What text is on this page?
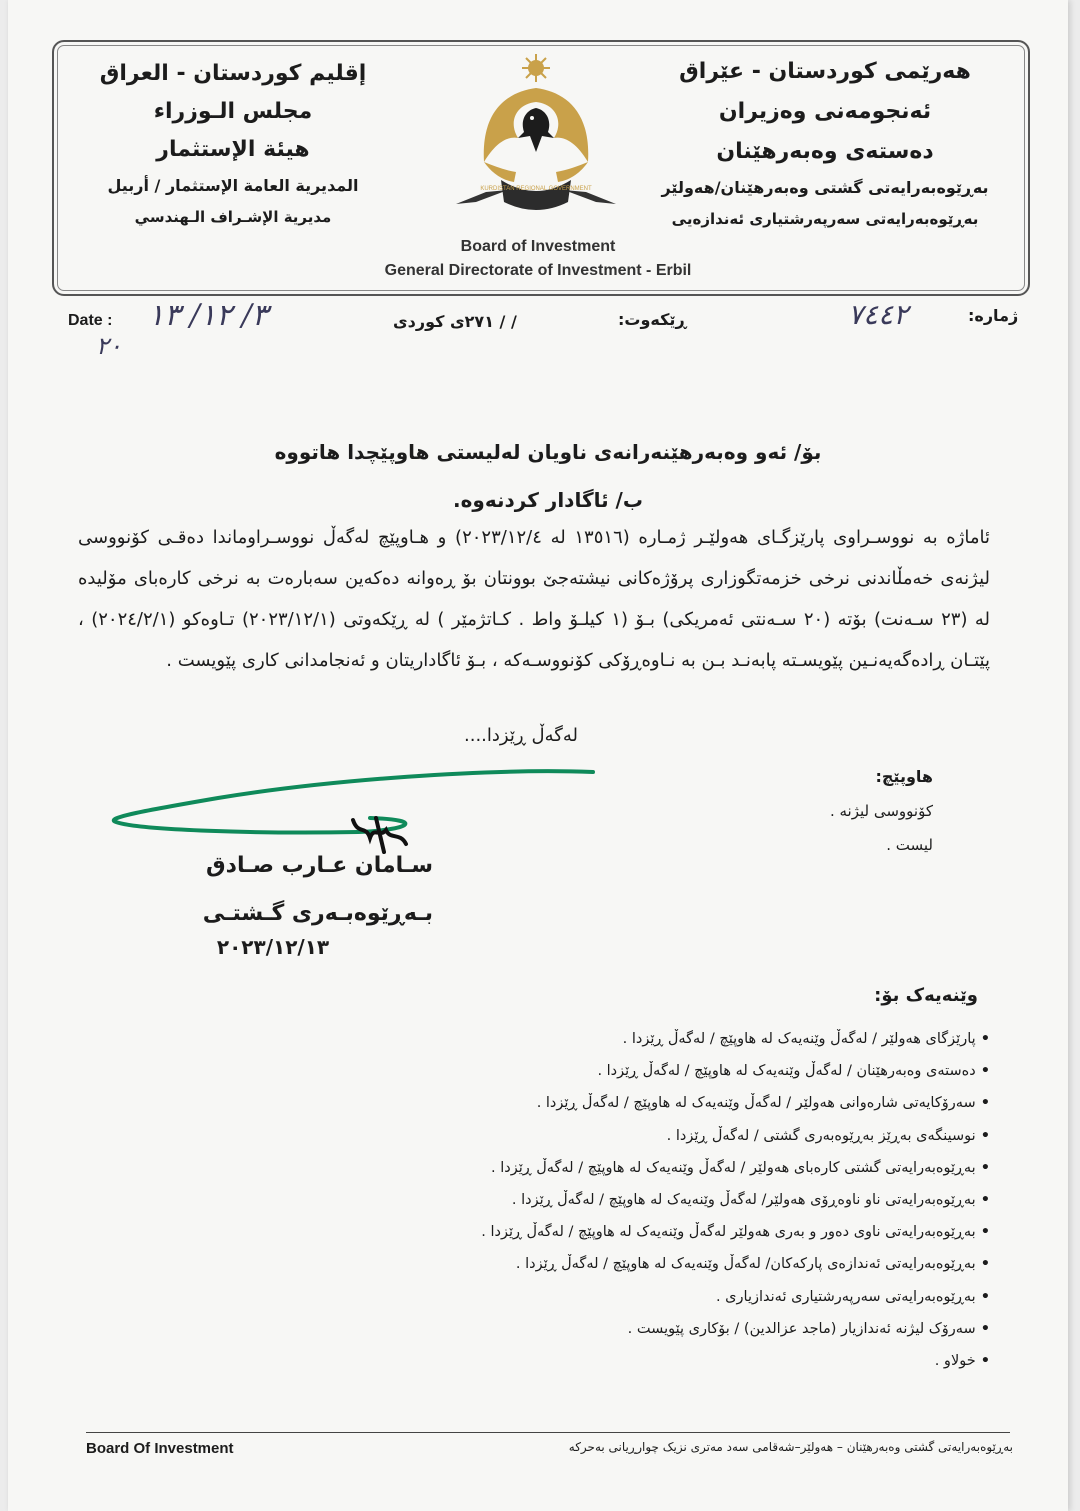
إقليم كوردستان - العراق
مجلس الـوزراء
هيئة الإستثمار
المديرية العامة الإستثمار / أربيل
مديرية الإشـراف الـهندسي
هەرێمی کوردستان - عێراق
ئەنجومەنی وەزیران
دەستەی وەبەرهێنان
بەڕێوەبەرایەتی گشتی وەبەرهێنان/هەولێر
بەڕێوەبەرایەتی سەرپەرشتیاری ئەندازەیی
KURDISTAN REGIONAL GOVERNMENT
Board of Investment
General Directorate of Investment - Erbil
ژمارە:
٧٤٤٢
ڕێکەوت:
/ / ٢٧١ی کوردی
Date : ٣/ ١٢/ ١٣
٢٠
بۆ/ ئەو وەبەرهێنەرانەی ناویان لەلیستی هاوپێچدا هاتووە
ب/ ئاگادار کردنەوە.
ئاماژە بە نووسـراوی پارێزگـای هەولێـر ژمـارە (١٣٥١٦ لە ٢٠٢٣/١٢/٤) و هـاوپێچ لەگەڵ نووسـراوماندا دەقـی کۆنووسی لیژنەی خەمڵاندنی نرخی خزمەتگوزاری پرۆژەکانی نیشتەجێ بوونتان بۆ ڕەوانە دەکەین سەبارەت بە نرخی کارەبای مۆلیدە لە (٢٣ سـەنت) بۆتە (٢٠ سـەنتی ئەمریکی) بـۆ (١ کیلـۆ واط . کـاتژمێر ) لە ڕێکەوتی (٢٠٢٣/١٢/١) تـاوەکو (٢٠٢٤/٢/١) ، پێتـان ڕادەگەیەنـین پێویسـتە پابەنـد بـن بە نـاوەڕۆکی کۆنووسـەکە ، بـۆ ئاگاداریتان و ئەنجامدانی کاری پێویست .
لەگەڵ ڕێزدا....
هاوپێچ:
کۆنووسی لیژنە .
لیست .
سـامان عـارب صـادق
بـەڕێوەبـەری گـشتـی
٢٠٢٣/١٢/١٣
وێنەیەک بۆ:
• پارێزگای هەولێر / لەگەڵ وێنەیەک لە هاوپێچ / لەگەڵ ڕێزدا .
• دەستەی وەبەرهێنان / لەگەڵ وێنەیەک لە هاوپێچ / لەگەڵ ڕێزدا .
• سەرۆکایەتی شارەوانی هەولێر / لەگەڵ وێنەیەک لە هاوپێچ / لەگەڵ ڕێزدا .
• نوسینگەی بەڕێز بەڕێوەبەری گشتی / لەگەڵ ڕێزدا .
• بەڕێوەبەرایەتی گشتی کارەبای هەولێر / لەگەڵ وێنەیەک لە هاوپێچ / لەگەڵ ڕێزدا .
• بەڕێوەبەرایەتی ناو ناوەڕۆی هەولێر/ لەگەڵ وێنەیەک لە هاوپێچ / لەگەڵ ڕێزدا .
• بەڕێوەبەرایەتی ناوی دەور و بەری هەولێر لەگەڵ وێنەیەک لە هاوپێچ / لەگەڵ ڕێزدا .
• بەڕێوەبەرایەتی ئەندازەی پارکەکان/ لەگەڵ وێنەیەک لە هاوپێچ / لەگەڵ ڕێزدا .
• بەڕێوەبەرایەتی سەرپەرشتیاری ئەندازیاری .
• سەرۆک لیژنە ئەندازیار (ماجد عزالدین) / بۆکاری پێویست .
• خولاو .
Board Of Investment	بەڕێوەبەرایەتی گشتی وەبەرهێنان – هەولێر–شەقامی سەد مەتری نزیک چوارڕیانی بەحرکە
